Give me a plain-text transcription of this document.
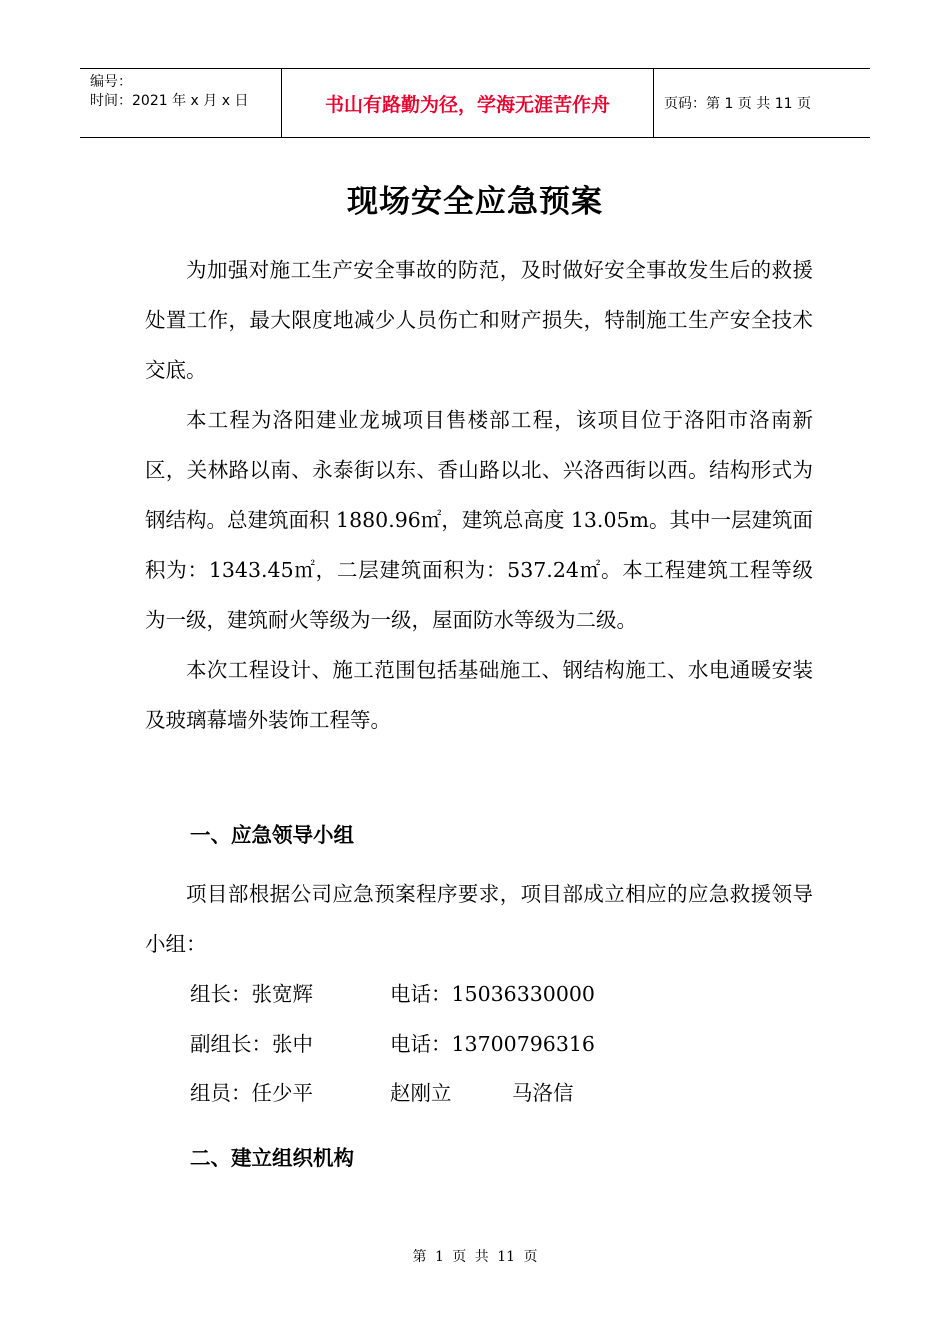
编号：
时间：2021 年 x 月 x 日	书山有路勤为径，学海无涯苦作舟	页码：第 1 页 共 11 页
现场安全应急预案

为加强对施工生产安全事故的防范，及时做好安全事故发生后的救援处置工作，最大限度地减少人员伤亡和财产损失，特制施工生产安全技术交底。

本工程为洛阳建业龙城项目售楼部工程，该项目位于洛阳市洛南新区，关林路以南、永泰街以东、香山路以北、兴洛西街以西。结构形式为钢结构。总建筑面积 1880.96㎡，建筑总高度 13.05m。其中一层建筑面积为：1343.45㎡，二层建筑面积为：537.24㎡。本工程建筑工程等级为一级，建筑耐火等级为一级，屋面防水等级为二级。

本次工程设计、施工范围包括基础施工、钢结构施工、水电通暖安装及玻璃幕墙外装饰工程等。

一、应急领导小组

项目部根据公司应急预案程序要求，项目部成立相应的应急救援领导小组：

组长：张宽辉	电话：15036330000
副组长：张中	电话：13700796316
组员：任少平	赵刚立	马洛信
二、建立组织机构
第 1 页 共 11 页
